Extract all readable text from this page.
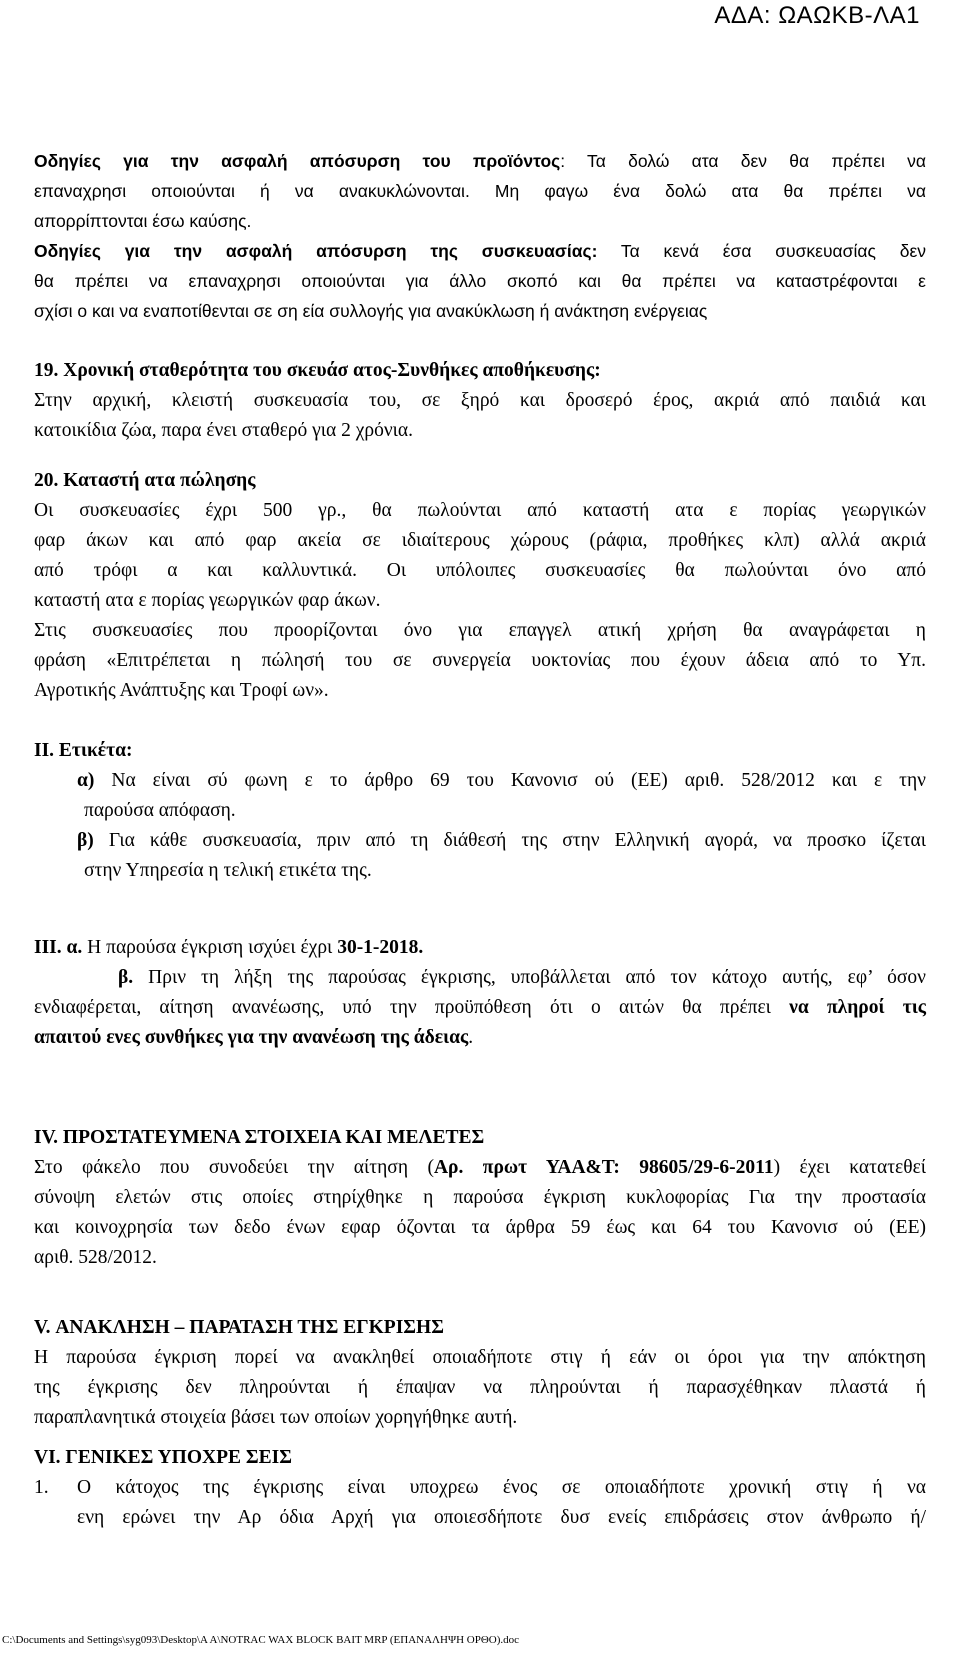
ΑΔΑ: ΩΑΩΚΒ-ΛΑ1
Οδηγίες για την ασφαλή απόσυρση του προϊόντος: Τα δολώ ατα δεν θα πρέπει να
επαναχρησι οποιούνται ή να ανακυκλώνονται. Μη φαγω ένα δολώ ατα θα πρέπει να
απορρίπτονται έσω καύσης.
Οδηγίες για την ασφαλή απόσυρση της συσκευασίας: Τα κενά έσα συσκευασίας δεν
θα πρέπει να επαναχρησι οποιούνται για άλλο σκοπό και θα πρέπει να καταστρέφονται ε
σχίσι ο και να εναποτίθενται σε ση εία συλλογής για ανακύκλωση ή ανάκτηση ενέργειας
19. Χρονική σταθερότητα του σκευάσ ατος-Συνθήκες αποθήκευσης:
Στην αρχική, κλειστή συσκευασία του, σε ξηρό και δροσερό έρος, ακριά από παιδιά και
κατοικίδια ζώα, παρα ένει σταθερό για 2 χρόνια.
20. Καταστή ατα πώλησης
Οι συσκευασίες έχρι 500 γρ., θα πωλούνται από καταστή ατα ε πορίας γεωργικών
φαρ άκων και από φαρ ακεία σε ιδιαίτερους χώρους (ράφια, προθήκες κλπ) αλλά ακριά
από τρόφι α και καλλυντικά. Οι υπόλοιπες συσκευασίες θα πωλούνται όνο από
καταστή ατα ε πορίας γεωργικών φαρ άκων.
Στις συσκευασίες που προορίζονται όνο για επαγγελ ατική χρήση θα αναγράφεται η
φράση «Επιτρέπεται η πώλησή του σε συνεργεία υοκτονίας που έχουν άδεια από το Υπ.
Αγροτικής Ανάπτυξης και Τροφί ων».
ΙΙ. Ετικέτα:
α) Να είναι σύ φωνη ε το άρθρο 69 του Κανονισ ού (ΕΕ) αριθ. 528/2012 και ε την
παρούσα απόφαση.
β) Για κάθε συσκευασία, πριν από τη διάθεσή της στην Ελληνική αγορά, να προσκο ίζεται
στην Υπηρεσία η τελική ετικέτα της.
ΙΙΙ. α. Η παρούσα έγκριση ισχύει έχρι 30-1-2018.
β. Πριν τη λήξη της παρούσας έγκρισης, υποβάλλεται από τον κάτοχο αυτής, εφ’ όσον
ενδιαφέρεται, αίτηση ανανέωσης, υπό την προϋπόθεση ότι ο αιτών θα πρέπει να πληροί τις
απαιτού ενες συνθήκες για την ανανέωση της άδειας.
IV. ΠΡΟΣΤΑΤΕΥΜΕΝΑ ΣΤΟΙΧΕΙΑ ΚΑΙ ΜΕΛΕΤΕΣ
Στο φάκελο που συνοδεύει την αίτηση (Αρ. πρωτ ΥΑΑ&Τ: 98605/29-6-2011) έχει κατατεθεί
σύνοψη ελετών στις οποίες στηρίχθηκε η παρούσα έγκριση κυκλοφορίας Για την προστασία
και κοινοχρησία των δεδο ένων εφαρ όζονται τα άρθρα 59 έως και 64 του Κανονισ ού (ΕΕ)
αριθ. 528/2012.
V. ΑΝΑΚΛΗΣΗ – ΠΑΡΑΤΑΣΗ ΤΗΣ ΕΓΚΡΙΣΗΣ
Η παρούσα έγκριση πορεί να ανακληθεί οποιαδήποτε στιγ ή εάν οι όροι για την απόκτηση
της έγκρισης δεν πληρούνται ή έπαψαν να πληρούνται ή παρασχέθηκαν πλαστά ή
παραπλανητικά στοιχεία βάσει των οποίων χορηγήθηκε αυτή.
VI. ΓΕΝΙΚΕΣ ΥΠΟΧΡΕ ΣΕΙΣ
1.	Ο κάτοχος της έγκρισης είναι υποχρεω ένος σε οποιαδήποτε χρονική στιγ ή να
ενη ερώνει την Αρ όδια Αρχή για οποιεσδήποτε δυσ ενείς επιδράσεις στον άνθρωπο ή/
C:\Documents and Settings\syg093\Desktop\Α Α\NOTRAC WAX BLOCK BAIT MRP (ΕΠΑΝΑΛΗΨΗ ΟΡΘΟ).doc
